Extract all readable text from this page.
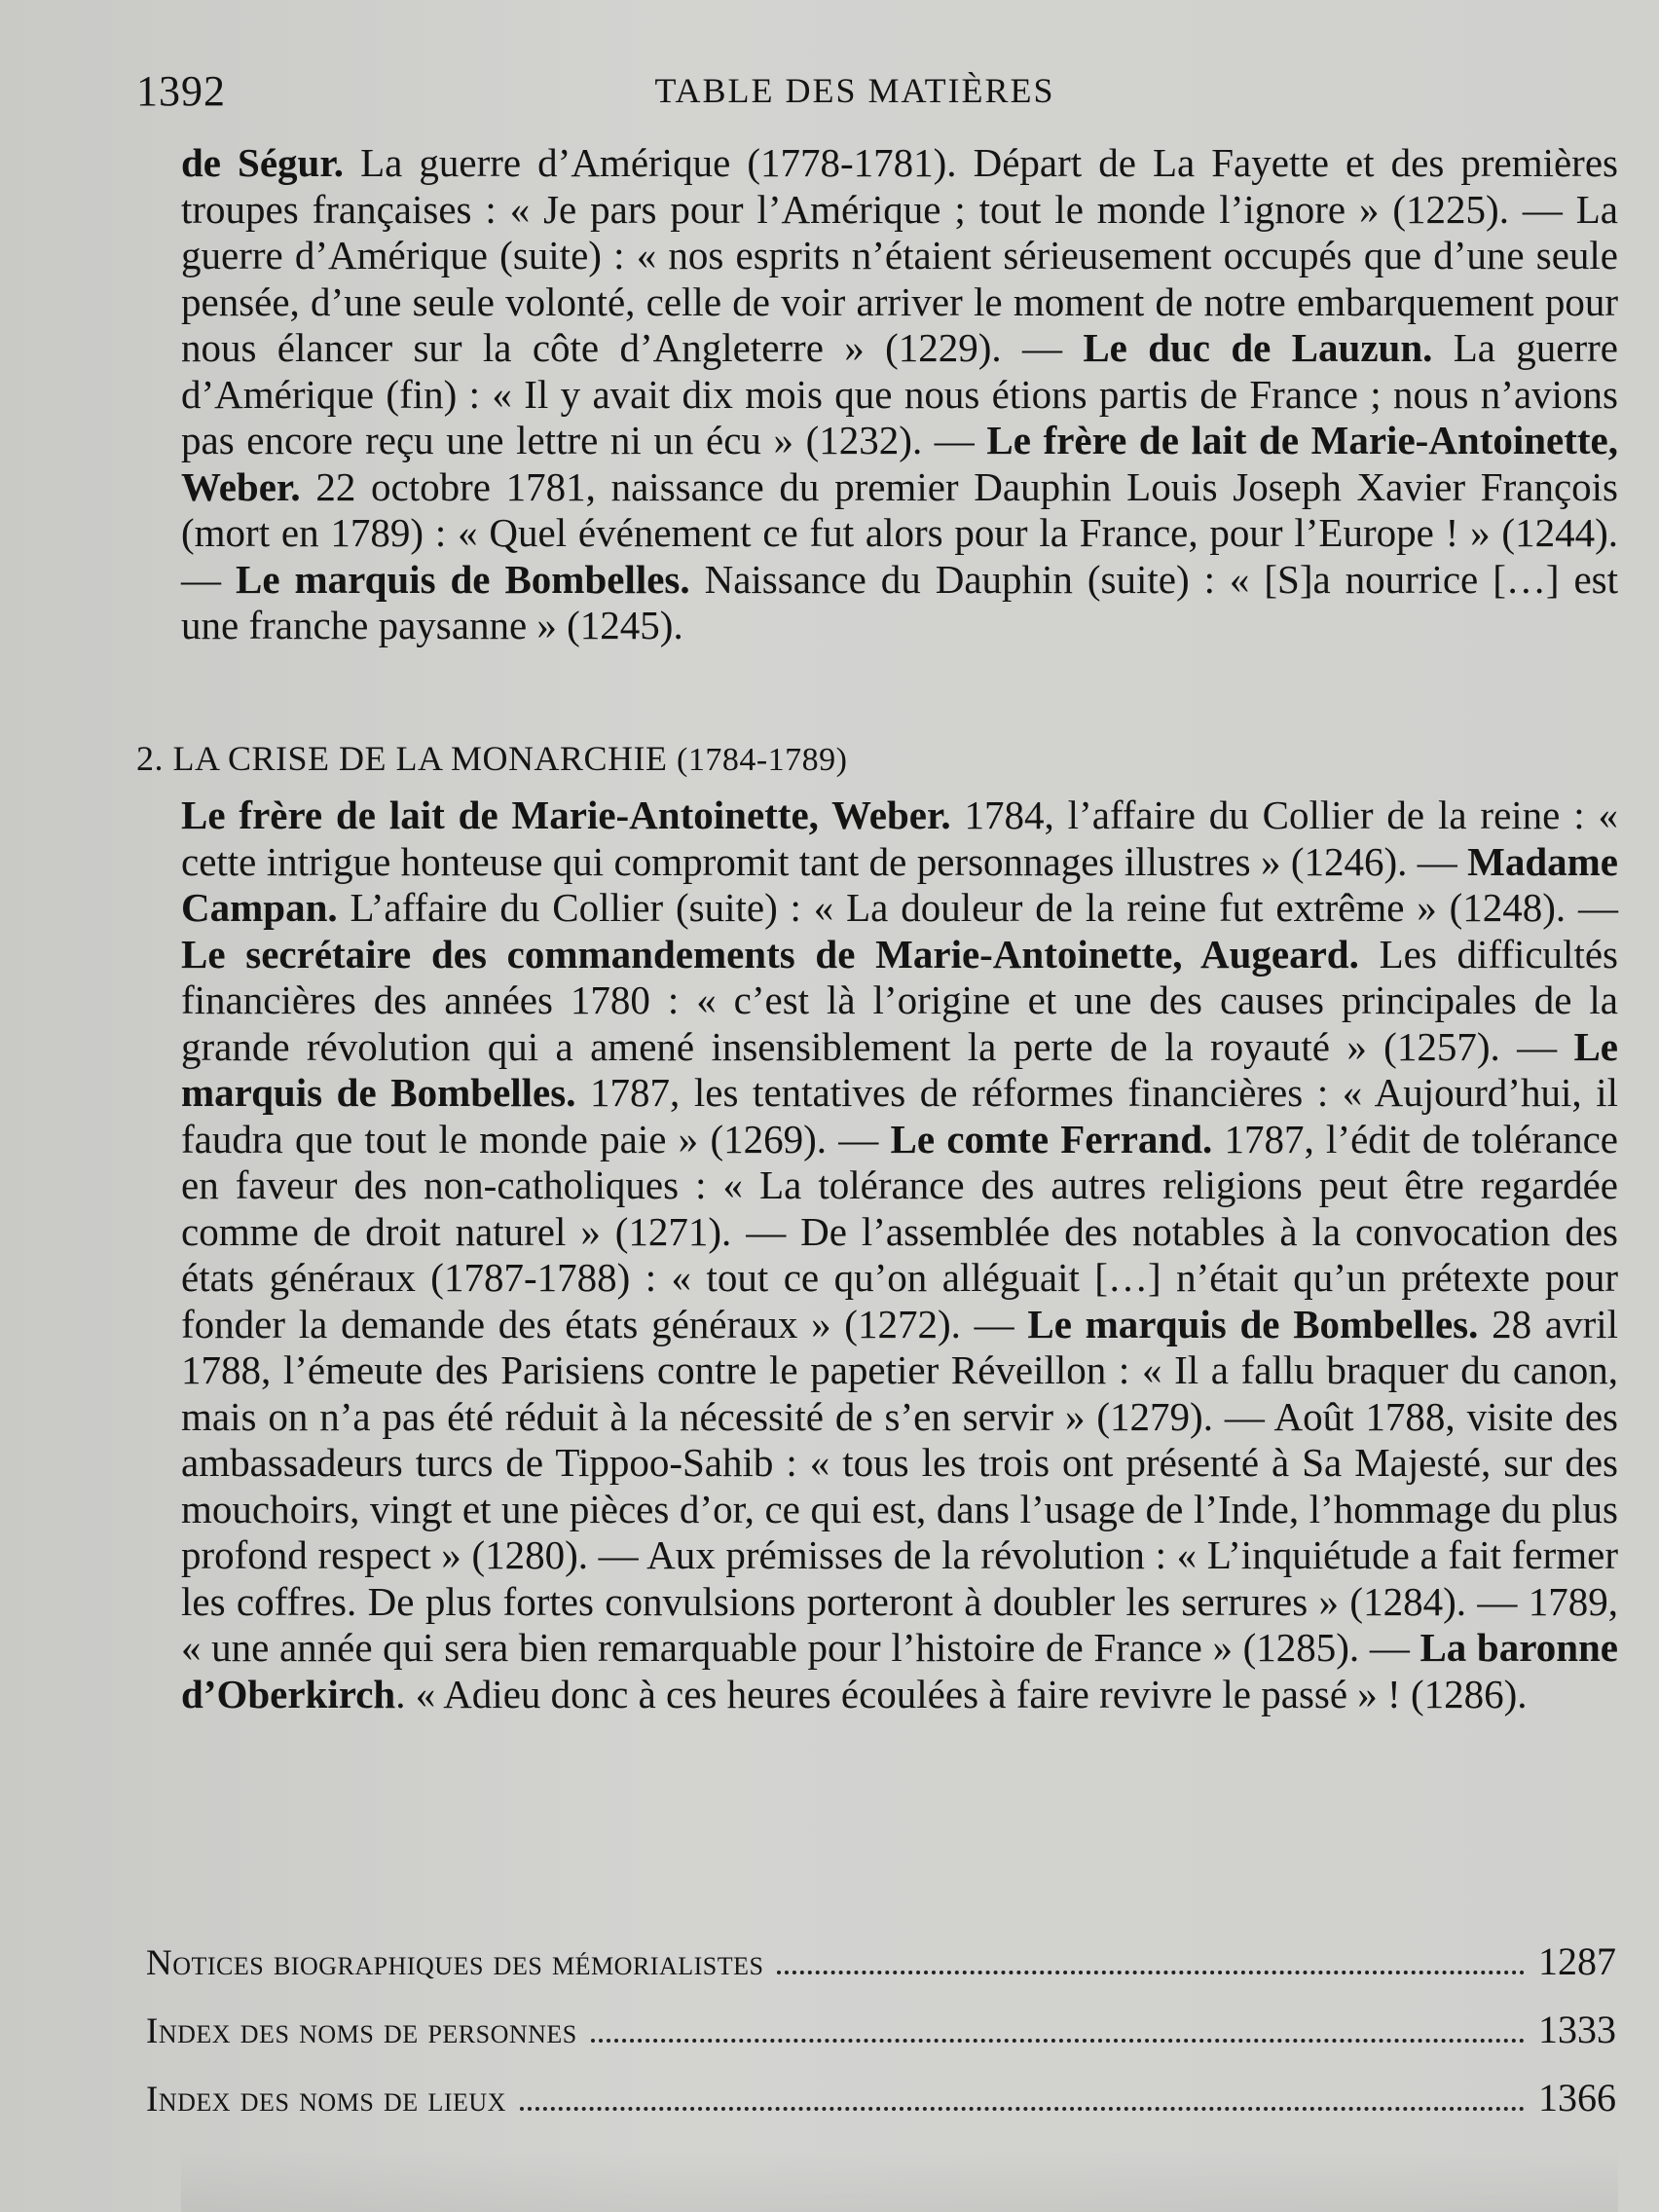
1392	TABLE DES MATIÈRES

de Ségur. La guerre d’Amérique (1778-1781). Départ de La Fayette et des premières troupes françaises : « Je pars pour l’Amérique ; tout le monde l’ignore » (1225). — La guerre d’Amérique (suite) : « nos esprits n’étaient sérieusement occupés que d’une seule pensée, d’une seule volonté, celle de voir arriver le moment de notre embarquement pour nous élancer sur la côte d’Angleterre » (1229). — Le duc de Lauzun. La guerre d’Amérique (fin) : « Il y avait dix mois que nous étions partis de France ; nous n’avions pas encore reçu une lettre ni un écu » (1232). — Le frère de lait de Marie-Antoinette, Weber. 22 octobre 1781, naissance du premier Dauphin Louis Joseph Xavier François (mort en 1789) : « Quel événement ce fut alors pour la France, pour l’Europe ! » (1244). — Le marquis de Bombelles. Naissance du Dauphin (suite) : « [S]a nourrice […] est une franche paysanne » (1245).

2. LA CRISE DE LA MONARCHIE (1784-1789)

Le frère de lait de Marie-Antoinette, Weber. 1784, l’affaire du Collier de la reine : « cette intrigue honteuse qui compromit tant de personnages illustres » (1246). — Madame Campan. L’affaire du Collier (suite) : « La douleur de la reine fut extrême » (1248). — Le secrétaire des commandements de Marie-Antoinette, Augeard. Les difficultés financières des années 1780 : « c’est là l’origine et une des causes principales de la grande révolution qui a amené insensiblement la perte de la royauté » (1257). — Le marquis de Bombelles. 1787, les tentatives de réformes financières : « Aujourd’hui, il faudra que tout le monde paie » (1269). — Le comte Ferrand. 1787, l’édit de tolérance en faveur des non-catholiques : « La tolérance des autres religions peut être regardée comme de droit naturel » (1271). — De l’assemblée des notables à la convocation des états généraux (1787-1788) : « tout ce qu’on alléguait […] n’était qu’un prétexte pour fonder la demande des états généraux » (1272). — Le marquis de Bombelles. 28 avril 1788, l’émeute des Parisiens contre le papetier Réveillon : « Il a fallu braquer du canon, mais on n’a pas été réduit à la nécessité de s’en servir » (1279). — Août 1788, visite des ambassadeurs turcs de Tippoo-Sahib : « tous les trois ont présenté à Sa Majesté, sur des mouchoirs, vingt et une pièces d’or, ce qui est, dans l’usage de l’Inde, l’hommage du plus profond respect » (1280). — Aux prémisses de la révolution : « L’inquiétude a fait fermer les coffres. De plus fortes convulsions porteront à doubler les serrures » (1284). — 1789, « une année qui sera bien remarquable pour l’histoire de France » (1285). — La baronne d’Oberkirch. « Adieu donc à ces heures écoulées à faire revivre le passé » ! (1286).

Notices biographiques des mémorialistes	1287
Index des noms de personnes	1333
Index des noms de lieux	1366
